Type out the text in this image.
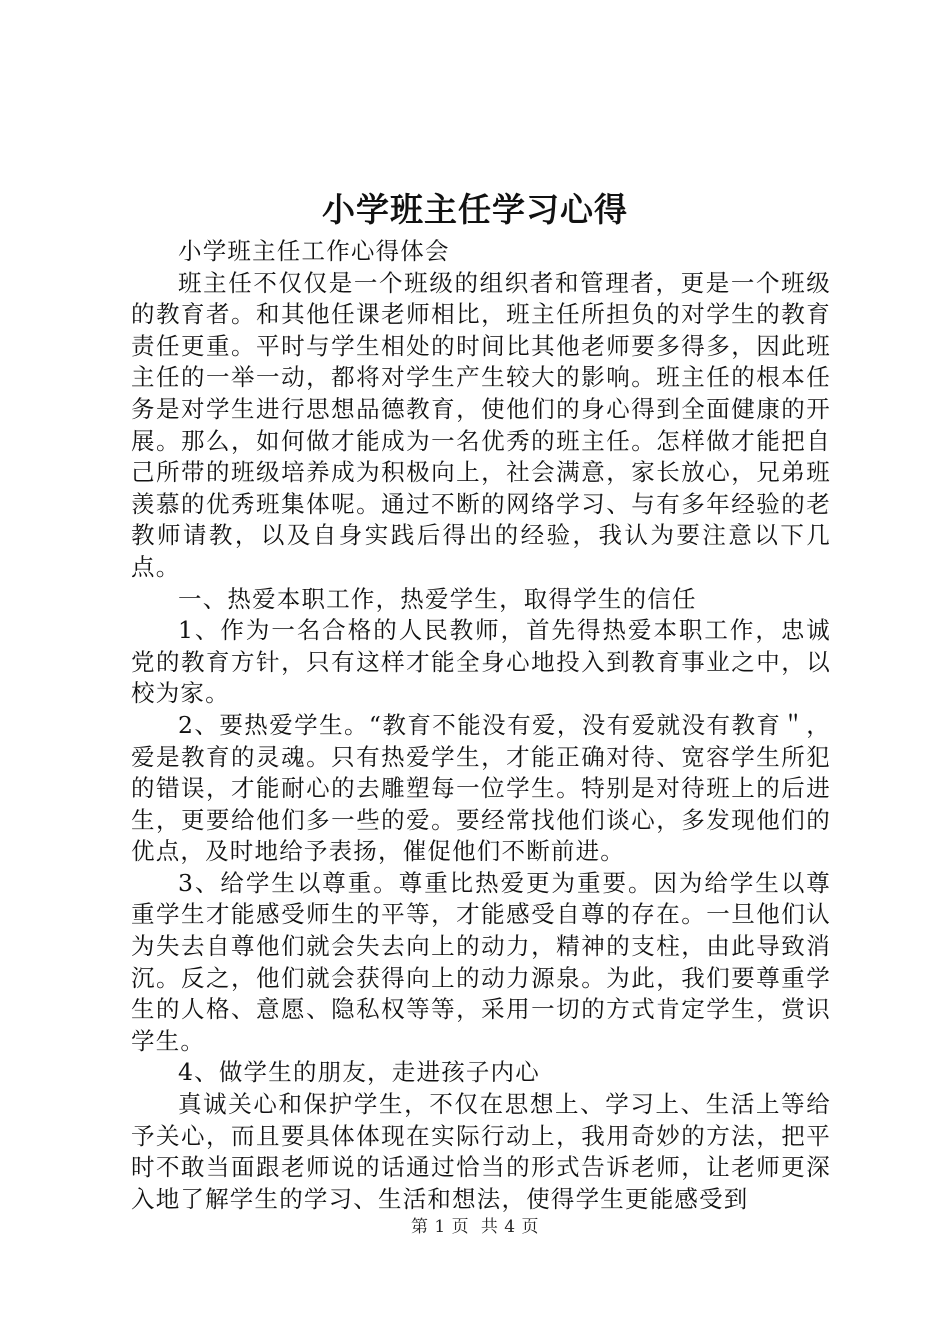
小学班主任学习心得

小学班主任工作心得体会

班主任不仅仅是一个班级的组织者和管理者，更是一个班级的教育者。和其他任课老师相比，班主任所担负的对学生的教育责任更重。平时与学生相处的时间比其他老师要多得多，因此班主任的一举一动，都将对学生产生较大的影响。班主任的根本任务是对学生进行思想品德教育，使他们的身心得到全面健康的开展。那么，如何做才能成为一名优秀的班主任。怎样做才能把自己所带的班级培养成为积极向上，社会满意，家长放心，兄弟班羡慕的优秀班集体呢。通过不断的网络学习、与有多年经验的老教师请教，以及自身实践后得出的经验，我认为要注意以下几点。

一、热爱本职工作，热爱学生，取得学生的信任

1、作为一名合格的人民教师，首先得热爱本职工作，忠诚党的教育方针，只有这样才能全身心地投入到教育事业之中，以校为家。

2、要热爱学生。“教育不能没有爱，没有爱就没有教育＂，爱是教育的灵魂。只有热爱学生，才能正确对待、宽容学生所犯的错误，才能耐心的去雕塑每一位学生。特别是对待班上的后进生，更要给他们多一些的爱。要经常找他们谈心，多发现他们的优点，及时地给予表扬，催促他们不断前进。

3、给学生以尊重。尊重比热爱更为重要。因为给学生以尊重学生才能感受师生的平等，才能感受自尊的存在。一旦他们认为失去自尊他们就会失去向上的动力，精神的支柱，由此导致消沉。反之，他们就会获得向上的动力源泉。为此，我们要尊重学生的人格、意愿、隐私权等等，采用一切的方式肯定学生，赏识学生。

4、做学生的朋友，走进孩子内心

真诚关心和保护学生，不仅在思想上、学习上、生活上等给予关心，而且要具体体现在实际行动上，我用奇妙的方法，把平时不敢当面跟老师说的话通过恰当的形式告诉老师，让老师更深入地了解学生的学习、生活和想法，使得学生更能感受到

第 1 页  共 4 页
